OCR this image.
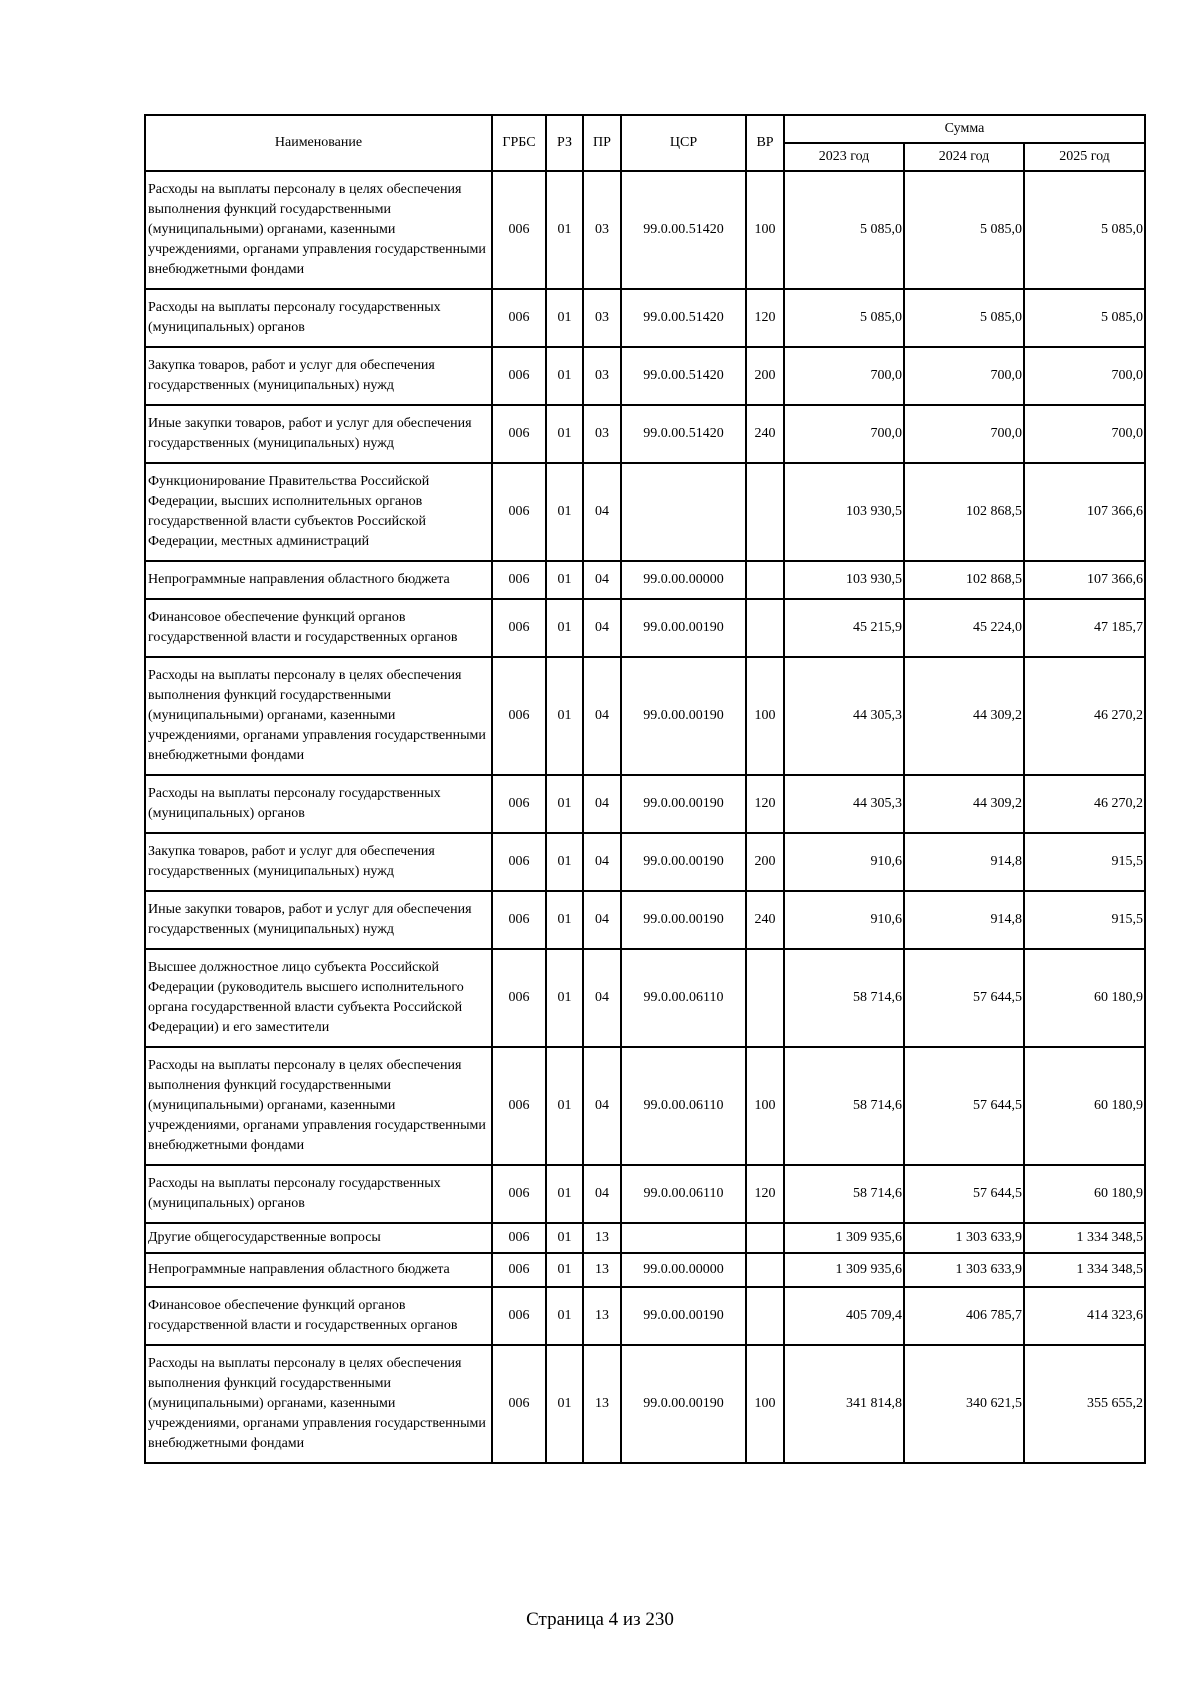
Наименование	ГРБС	РЗ	ПР	ЦСР	ВР	Сумма		
						2023 год	2024 год	2025 год
Расходы на выплаты персоналу в целях обеспечения выполнения функций государственными (муниципальными) органами, казенными учреждениями, органами управления государственными внебюджетными фондами	006	01	03	99.0.00.51420	100	5 085,0	5 085,0	5 085,0
Расходы на выплаты персоналу государственных (муниципальных) органов	006	01	03	99.0.00.51420	120	5 085,0	5 085,0	5 085,0
Закупка товаров, работ и услуг для обеспечения государственных (муниципальных) нужд	006	01	03	99.0.00.51420	200	700,0	700,0	700,0
Иные закупки товаров, работ и услуг для обеспечения государственных (муниципальных) нужд	006	01	03	99.0.00.51420	240	700,0	700,0	700,0
Функционирование Правительства Российской Федерации, высших исполнительных органов государственной власти субъектов Российской Федерации, местных администраций	006	01	04			103 930,5	102 868,5	107 366,6
Непрограммные направления областного бюджета	006	01	04	99.0.00.00000		103 930,5	102 868,5	107 366,6
Финансовое обеспечение функций органов государственной власти и государственных органов	006	01	04	99.0.00.00190		45 215,9	45 224,0	47 185,7
Расходы на выплаты персоналу в целях обеспечения выполнения функций государственными (муниципальными) органами, казенными учреждениями, органами управления государственными внебюджетными фондами	006	01	04	99.0.00.00190	100	44 305,3	44 309,2	46 270,2
Расходы на выплаты персоналу государственных (муниципальных) органов	006	01	04	99.0.00.00190	120	44 305,3	44 309,2	46 270,2
Закупка товаров, работ и услуг для обеспечения государственных (муниципальных) нужд	006	01	04	99.0.00.00190	200	910,6	914,8	915,5
Иные закупки товаров, работ и услуг для обеспечения государственных (муниципальных) нужд	006	01	04	99.0.00.00190	240	910,6	914,8	915,5
Высшее должностное лицо субъекта Российской Федерации (руководитель высшего исполнительного органа государственной власти субъекта Российской Федерации) и его заместители	006	01	04	99.0.00.06110		58 714,6	57 644,5	60 180,9
Расходы на выплаты персоналу в целях обеспечения выполнения функций государственными (муниципальными) органами, казенными учреждениями, органами управления государственными внебюджетными фондами	006	01	04	99.0.00.06110	100	58 714,6	57 644,5	60 180,9
Расходы на выплаты персоналу государственных (муниципальных) органов	006	01	04	99.0.00.06110	120	58 714,6	57 644,5	60 180,9
Другие общегосударственные вопросы	006	01	13			1 309 935,6	1 303 633,9	1 334 348,5
Непрограммные направления областного бюджета	006	01	13	99.0.00.00000		1 309 935,6	1 303 633,9	1 334 348,5
Финансовое обеспечение функций органов государственной власти и государственных органов	006	01	13	99.0.00.00190		405 709,4	406 785,7	414 323,6
Расходы на выплаты персоналу в целях обеспечения выполнения функций государственными (муниципальными) органами, казенными учреждениями, органами управления государственными внебюджетными фондами	006	01	13	99.0.00.00190	100	341 814,8	340 621,5	355 655,2
Страница 4 из 230
